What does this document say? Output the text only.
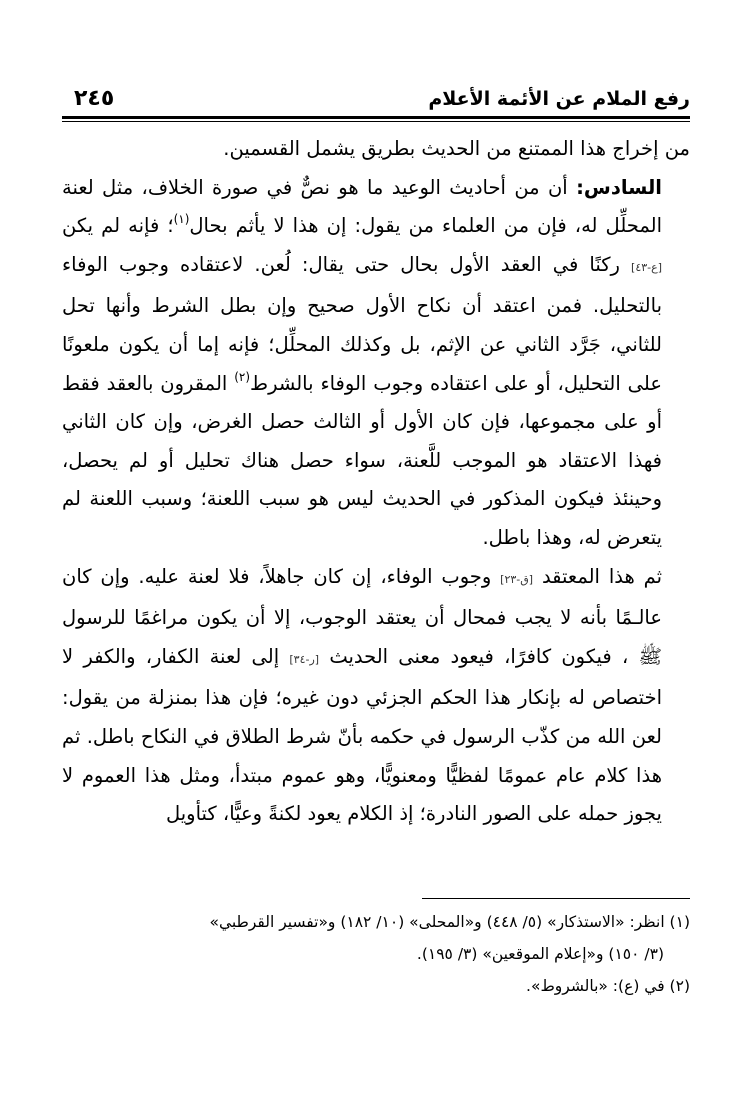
رفع الملام عن الأئمة الأعلام
٢٤٥

من إخراج هذا الممتنع من الحديث بطريق يشمل القسمين.

السادس: أن من أحاديث الوعيد ما هو نصٌّ في صورة الخلاف، مثل لعنة المحلِّل له، فإن من العلماء من يقول: إن هذا لا يأثم بحال$^{(١)}$؛ فإنه لم يكن [ع-٤٣] ركنًا في العقد الأول بحال حتى يقال: لُعن. لاعتقاده وجوب الوفاء بالتحليل. فمن اعتقد أن نكاح الأول صحيح وإن بطل الشرط وأنها تحل للثاني، جَرَّد الثاني عن الإثم، بل وكذلك المحلِّل؛ فإنه إما أن يكون ملعونًا على التحليل، أو على اعتقاده وجوب الوفاء بالشرط$^{(٢)}$ المقرون بالعقد فقط أو على مجموعها، فإن كان الأول أو الثالث حصل الغرض، وإن كان الثاني فهذا الاعتقاد هو الموجب للَّعنة، سواء حصل هناك تحليل أو لم يحصل، وحينئذ فيكون المذكور في الحديث ليس هو سبب اللعنة؛ وسبب اللعنة لم يتعرض له، وهذا باطل.

ثم هذا المعتقد [ق-٢٣] وجوب الوفاء، إن كان جاهلاً، فلا لعنة عليه. وإن كان عالـمًا بأنه لا يجب فمحال أن يعتقد الوجوب، إلا أن يكون مراغمًا للرسول ﷺ ، فيكون كافرًا، فيعود معنى الحديث [ر-٣٤] إلى لعنة الكفار، والكفر لا اختصاص له بإنكار هذا الحكم الجزئي دون غيره؛ فإن هذا بمنزلة من يقول: لعن الله من كذّب الرسول في حكمه بأنّ شرط الطلاق في النكاح باطل. ثم هذا كلام عام عمومًا لفظيًّا ومعنويًّا، وهو عموم مبتدأ، ومثل هذا العموم لا يجوز حمله على الصور النادرة؛ إذ الكلام يعود لكنةً وعيًّا، كتأويل

(١) انظر: «الاستذكار» (٥/ ٤٤٨) و«المحلى» (١٠/ ١٨٢) و«تفسير القرطبي»

(٣/ ١٥٠) و«إعلام الموقعين» (٣/ ١٩٥).

(٢) في (ع): «بالشروط».
